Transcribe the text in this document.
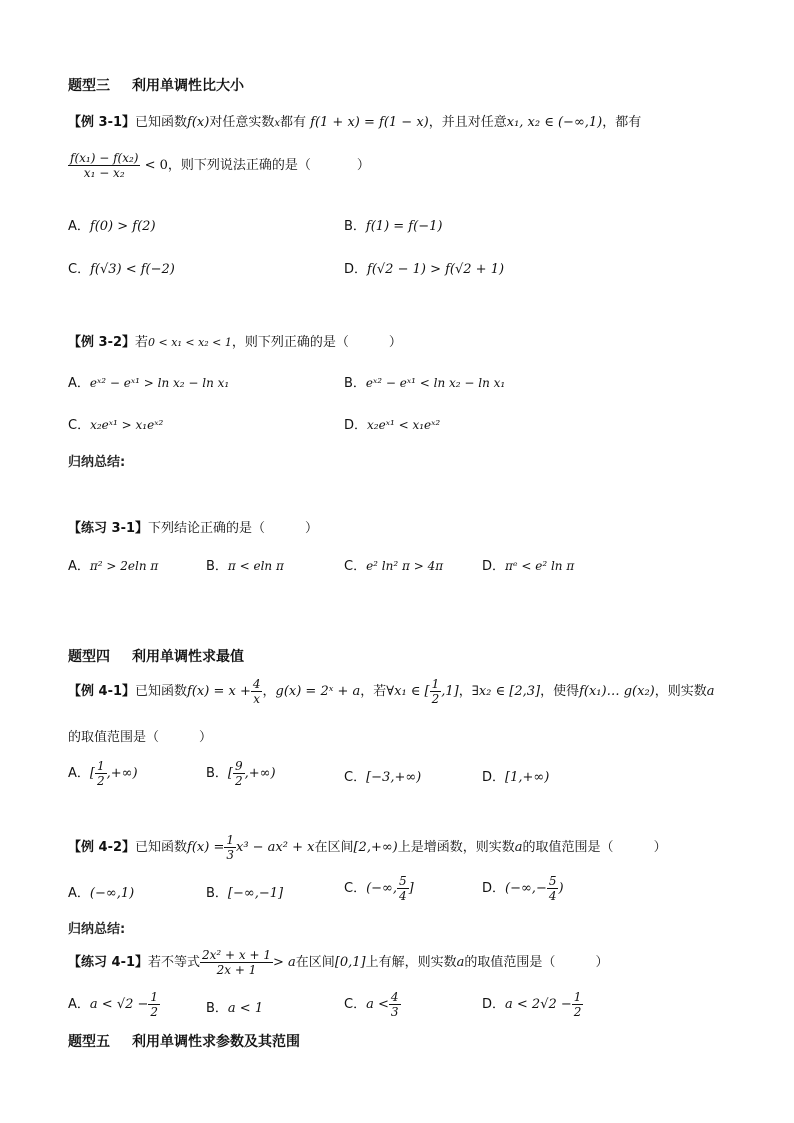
题型三 利用单调性比大小
【例 3-1】已知函数f(x)对任意实数x都有 f(1 + x) = f(1 − x)，并且对任意x₁, x₂ ∈ (−∞,1)，都有
$\frac{\text{f(x₁) − f(x₂)}}{\text{x₁ − x₂}} < 0$，则下列说法正确的是（	）
A．f(0) > f(2)	B．f(1) = f(−1)
C．f(√3) < f(−2)	D．f(√2 − 1) > f(√2 + 1)
【例 3-2】若0 < x₁ < x₂ < 1，则下列正确的是（	）
A．eˣ² − eˣ¹ > ln x₂ − ln x₁	B．eˣ² − eˣ¹ < ln x₂ − ln x₁
C．x₂eˣ¹ > x₁eˣ²	D．x₂eˣ¹ < x₁eˣ²
归纳总结:
【练习 3-1】下列结论正确的是（	）
A．π² > 2eln π	B．π < eln π	C．e² ln² π > 4π	D．πᵉ < e² ln π
题型四 利用单调性求最值
【例 4-1】已知函数$f(x) = x + \frac{4}{x}$ ，g(x) = 2ˣ + a，若∀x₁ ∈ [ $\frac{1}{2} ,1$]，∃x₂ ∈ [2,3]，使得f(x₁)… g(x₂)，则实数a
的取值范围是（	）
A．[ $\frac{1}{2}$ ,+∞)	B．[ $\frac{9}{2}$ ,+∞)	C．[−3,+∞)	D．[1,+∞)
【例 4-2】已知函数$f(x) = \frac{1}{3} x^3 - ax^2 + x$在区间[2,+∞)上是增函数，则实数a的取值范围是（	）
A．(−∞,1)	B．[−∞,−1]	C．(−∞, $\frac{5}{4}$ ]	D．(−∞,− $\frac{5}{4}$ )
归纳总结:
【练习 4-1】若不等式 $\frac{\text{2x² + x + 1}}{2x + 1} > a$在区间[0,1]上有解，则实数a的取值范围是（	）
A．$a < √2 - \frac{1}{2}$	B．a < 1	C．$a < \frac{4}{3}$	D．$a < 2√2 - \frac{1}{2}$
题型五 利用单调性求参数及其范围
